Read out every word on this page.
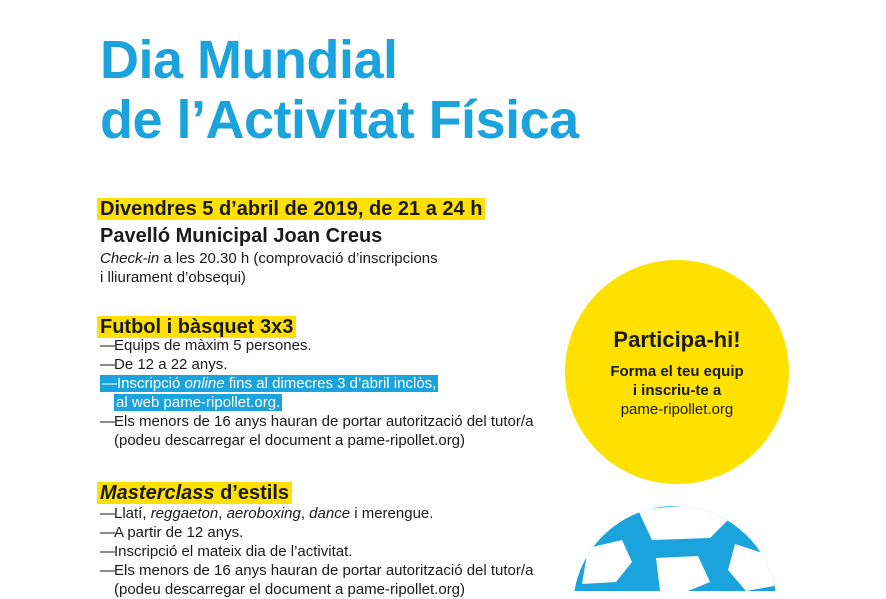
Dia Mundial
de l’Activitat Física
Divendres 5 d’abril de 2019, de 21 a 24 h
Pavelló Municipal Joan Creus
Check-in a les 20.30 h (comprovació d’inscripcions
i lliurament d’obsequi)
Futbol i bàsquet 3x3
—Equips de màxim 5 persones.
—De 12 a 22 anys.
—Inscripció online fins al dimecres 3 d’abril inclòs,
al web pame-ripollet.org.
—Els menors de 16 anys hauran de portar autorització del tutor/a
(podeu descarregar el document a pame-ripollet.org)
Masterclass d’estils
—Llatí, reggaeton, aeroboxing, dance i merengue.
—A partir de 12 anys.
—Inscripció el mateix dia de l’activitat.
—Els menors de 16 anys hauran de portar autorització del tutor/a
(podeu descarregar el document a pame-ripollet.org)
Participa-hi!
Forma el teu equip
i inscriu-te a
pame-ripollet.org
